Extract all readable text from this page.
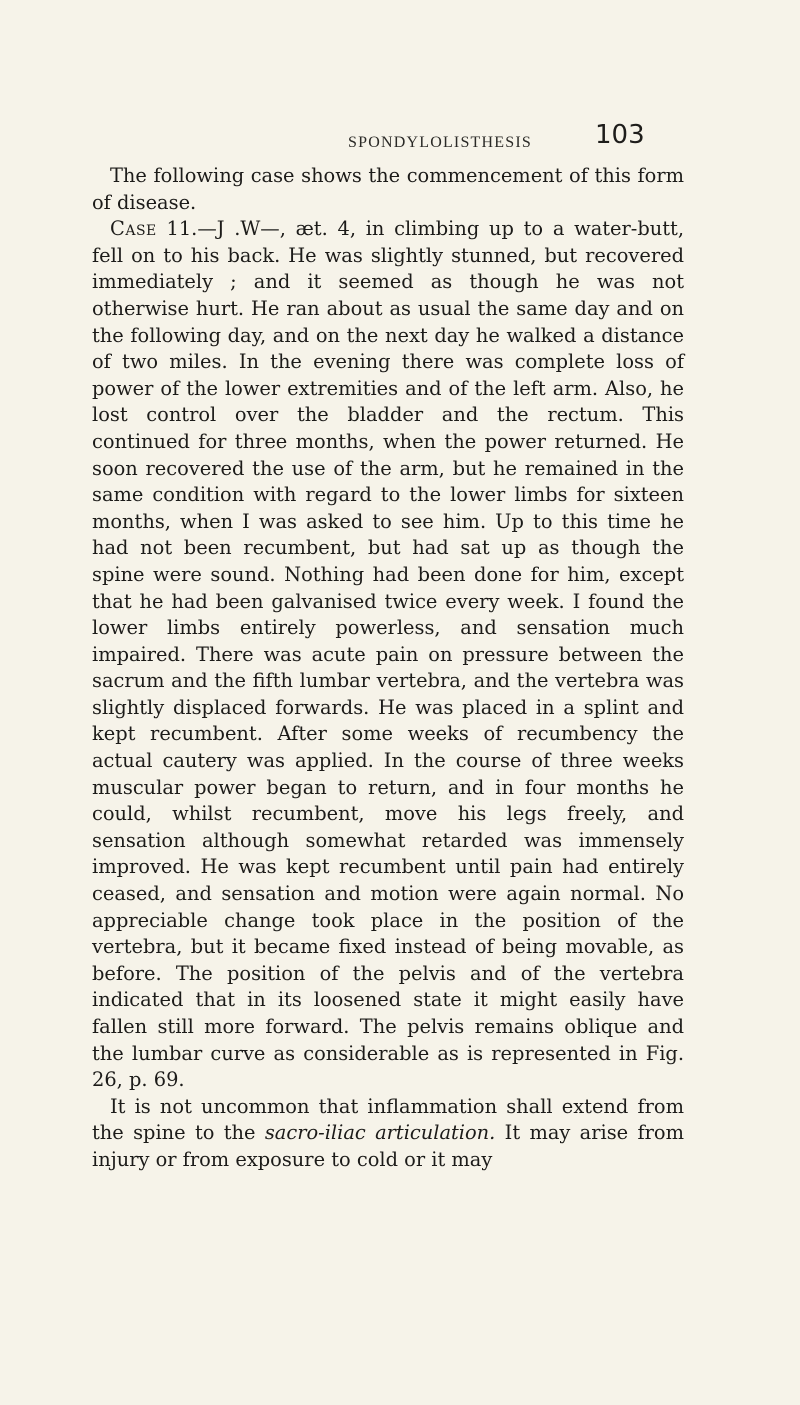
SPONDYLOLISTHESIS 103

The following case shows the commencement of this form of disease.

Case 11.—J .W—, æt. 4, in climbing up to a water-butt, fell on to his back. He was slightly stunned, but recovered immediately ; and it seemed as though he was not otherwise hurt. He ran about as usual the same day and on the following day, and on the next day he walked a distance of two miles. In the evening there was complete loss of power of the lower extremities and of the left arm. Also, he lost control over the bladder and the rectum. This continued for three months, when the power returned. He soon recovered the use of the arm, but he remained in the same condition with regard to the lower limbs for sixteen months, when I was asked to see him. Up to this time he had not been recumbent, but had sat up as though the spine were sound. Nothing had been done for him, except that he had been galvanised twice every week. I found the lower limbs entirely powerless, and sensation much impaired. There was acute pain on pressure between the sacrum and the fifth lumbar vertebra, and the vertebra was slightly displaced forwards. He was placed in a splint and kept recumbent. After some weeks of recumbency the actual cautery was applied. In the course of three weeks muscular power began to return, and in four months he could, whilst recumbent, move his legs freely, and sensation although somewhat retarded was immensely improved. He was kept recumbent until pain had entirely ceased, and sensation and motion were again normal. No appreciable change took place in the position of the vertebra, but it became fixed instead of being movable, as before. The position of the pelvis and of the vertebra indicated that in its loosened state it might easily have fallen still more forward. The pelvis remains oblique and the lumbar curve as considerable as is represented in Fig. 26, p. 69.

It is not uncommon that inflammation shall extend from the spine to the sacro-iliac articulation. It may arise from injury or from exposure to cold or it may
